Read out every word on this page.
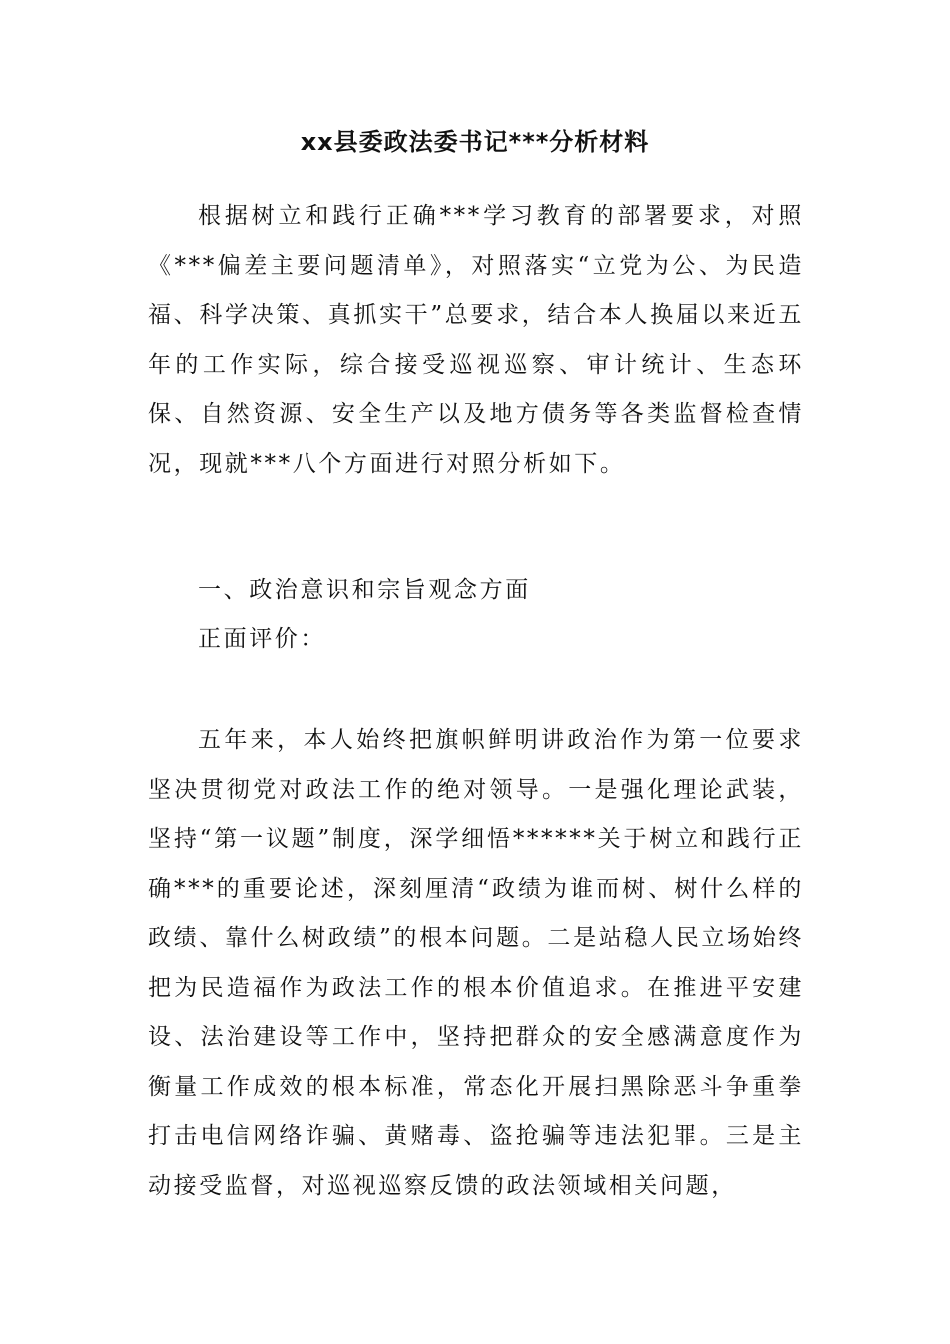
xx县委政法委书记***分析材料

根据树立和践行正确***学习教育的部署要求，对照《***偏差主要问题清单》，对照落实“立党为公、为民造福、科学决策、真抓实干”总要求，结合本人换届以来近五年的工作实际，综合接受巡视巡察、审计统计、生态环保、自然资源、安全生产以及地方债务等各类监督检查情况，现就***八个方面进行对照分析如下。

一、政治意识和宗旨观念方面

正面评价：

五年来，本人始终把旗帜鲜明讲政治作为第一位要求坚决贯彻党对政法工作的绝对领导。一是强化理论武装，坚持“第一议题”制度，深学细悟******关于树立和践行正确***的重要论述，深刻厘清“政绩为谁而树、树什么样的政绩、靠什么树政绩”的根本问题。二是站稳人民立场始终把为民造福作为政法工作的根本价值追求。在推进平安建设、法治建设等工作中，坚持把群众的安全感满意度作为衡量工作成效的根本标准，常态化开展扫黑除恶斗争重拳打击电信网络诈骗、黄赌毒、盗抢骗等违法犯罪。三是主动接受监督，对巡视巡察反馈的政法领域相关问题，
